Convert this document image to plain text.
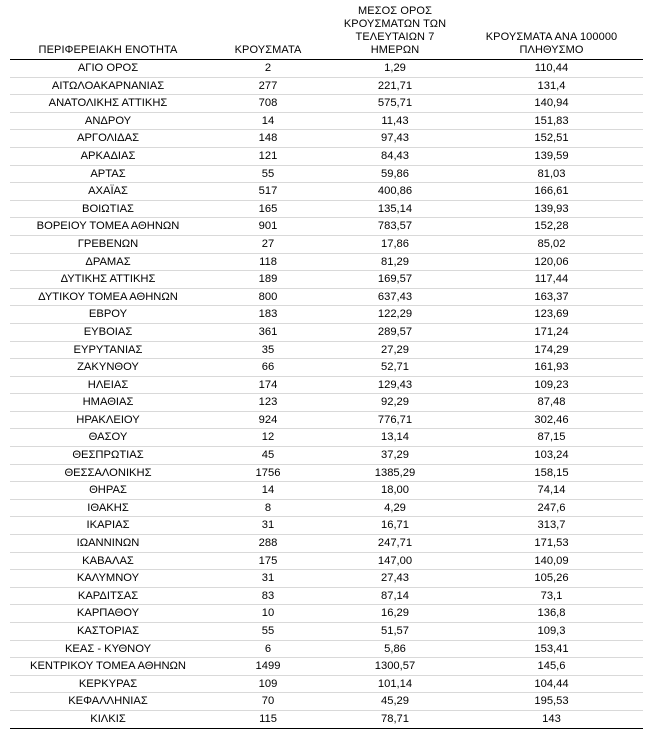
ΠΕΡΙΦΕΡΕΙΑΚΗ ΕΝΟΤΗΤΑ	ΚΡΟΥΣΜΑΤΑ	ΜΕΣΟΣ ΟΡΟΣ
ΚΡΟΥΣΜΑΤΩΝ ΤΩΝ
ΤΕΛΕΥΤΑΙΩΝ 7 ΗΜΕΡΩΝ	ΚΡΟΥΣΜΑΤΑ ΑΝΑ 100000
ΠΛΗΘΥΣΜΟ
ΑΓΙΟ ΟΡΟΣ	2	1,29	110,44
ΑΙΤΩΛΟΑΚΑΡΝΑΝΙΑΣ	277	221,71	131,4
ΑΝΑΤΟΛΙΚΗΣ ΑΤΤΙΚΗΣ	708	575,71	140,94
ΑΝΔΡΟΥ	14	11,43	151,83
ΑΡΓΟΛΙΔΑΣ	148	97,43	152,51
ΑΡΚΑΔΙΑΣ	121	84,43	139,59
ΑΡΤΑΣ	55	59,86	81,03
ΑΧΑΪΑΣ	517	400,86	166,61
ΒΟΙΩΤΙΑΣ	165	135,14	139,93
ΒΟΡΕΙΟΥ ΤΟΜΕΑ ΑΘΗΝΩΝ	901	783,57	152,28
ΓΡΕΒΕΝΩΝ	27	17,86	85,02
ΔΡΑΜΑΣ	118	81,29	120,06
ΔΥΤΙΚΗΣ ΑΤΤΙΚΗΣ	189	169,57	117,44
ΔΥΤΙΚΟΥ ΤΟΜΕΑ ΑΘΗΝΩΝ	800	637,43	163,37
ΕΒΡΟΥ	183	122,29	123,69
ΕΥΒΟΙΑΣ	361	289,57	171,24
ΕΥΡΥΤΑΝΙΑΣ	35	27,29	174,29
ΖΑΚΥΝΘΟΥ	66	52,71	161,93
ΗΛΕΙΑΣ	174	129,43	109,23
ΗΜΑΘΙΑΣ	123	92,29	87,48
ΗΡΑΚΛΕΙΟΥ	924	776,71	302,46
ΘΑΣΟΥ	12	13,14	87,15
ΘΕΣΠΡΩΤΙΑΣ	45	37,29	103,24
ΘΕΣΣΑΛΟΝΙΚΗΣ	1756	1385,29	158,15
ΘΗΡΑΣ	14	18,00	74,14
ΙΘΑΚΗΣ	8	4,29	247,6
ΙΚΑΡΙΑΣ	31	16,71	313,7
ΙΩΑΝΝΙΝΩΝ	288	247,71	171,53
ΚΑΒΑΛΑΣ	175	147,00	140,09
ΚΑΛΥΜΝΟΥ	31	27,43	105,26
ΚΑΡΔΙΤΣΑΣ	83	87,14	73,1
ΚΑΡΠΑΘΟΥ	10	16,29	136,8
ΚΑΣΤΟΡΙΑΣ	55	51,57	109,3
ΚΕΑΣ - ΚΥΘΝΟΥ	6	5,86	153,41
ΚΕΝΤΡΙΚΟΥ ΤΟΜΕΑ ΑΘΗΝΩΝ	1499	1300,57	145,6
ΚΕΡΚΥΡΑΣ	109	101,14	104,44
ΚΕΦΑΛΛΗΝΙΑΣ	70	45,29	195,53
ΚΙΛΚΙΣ	115	78,71	143
